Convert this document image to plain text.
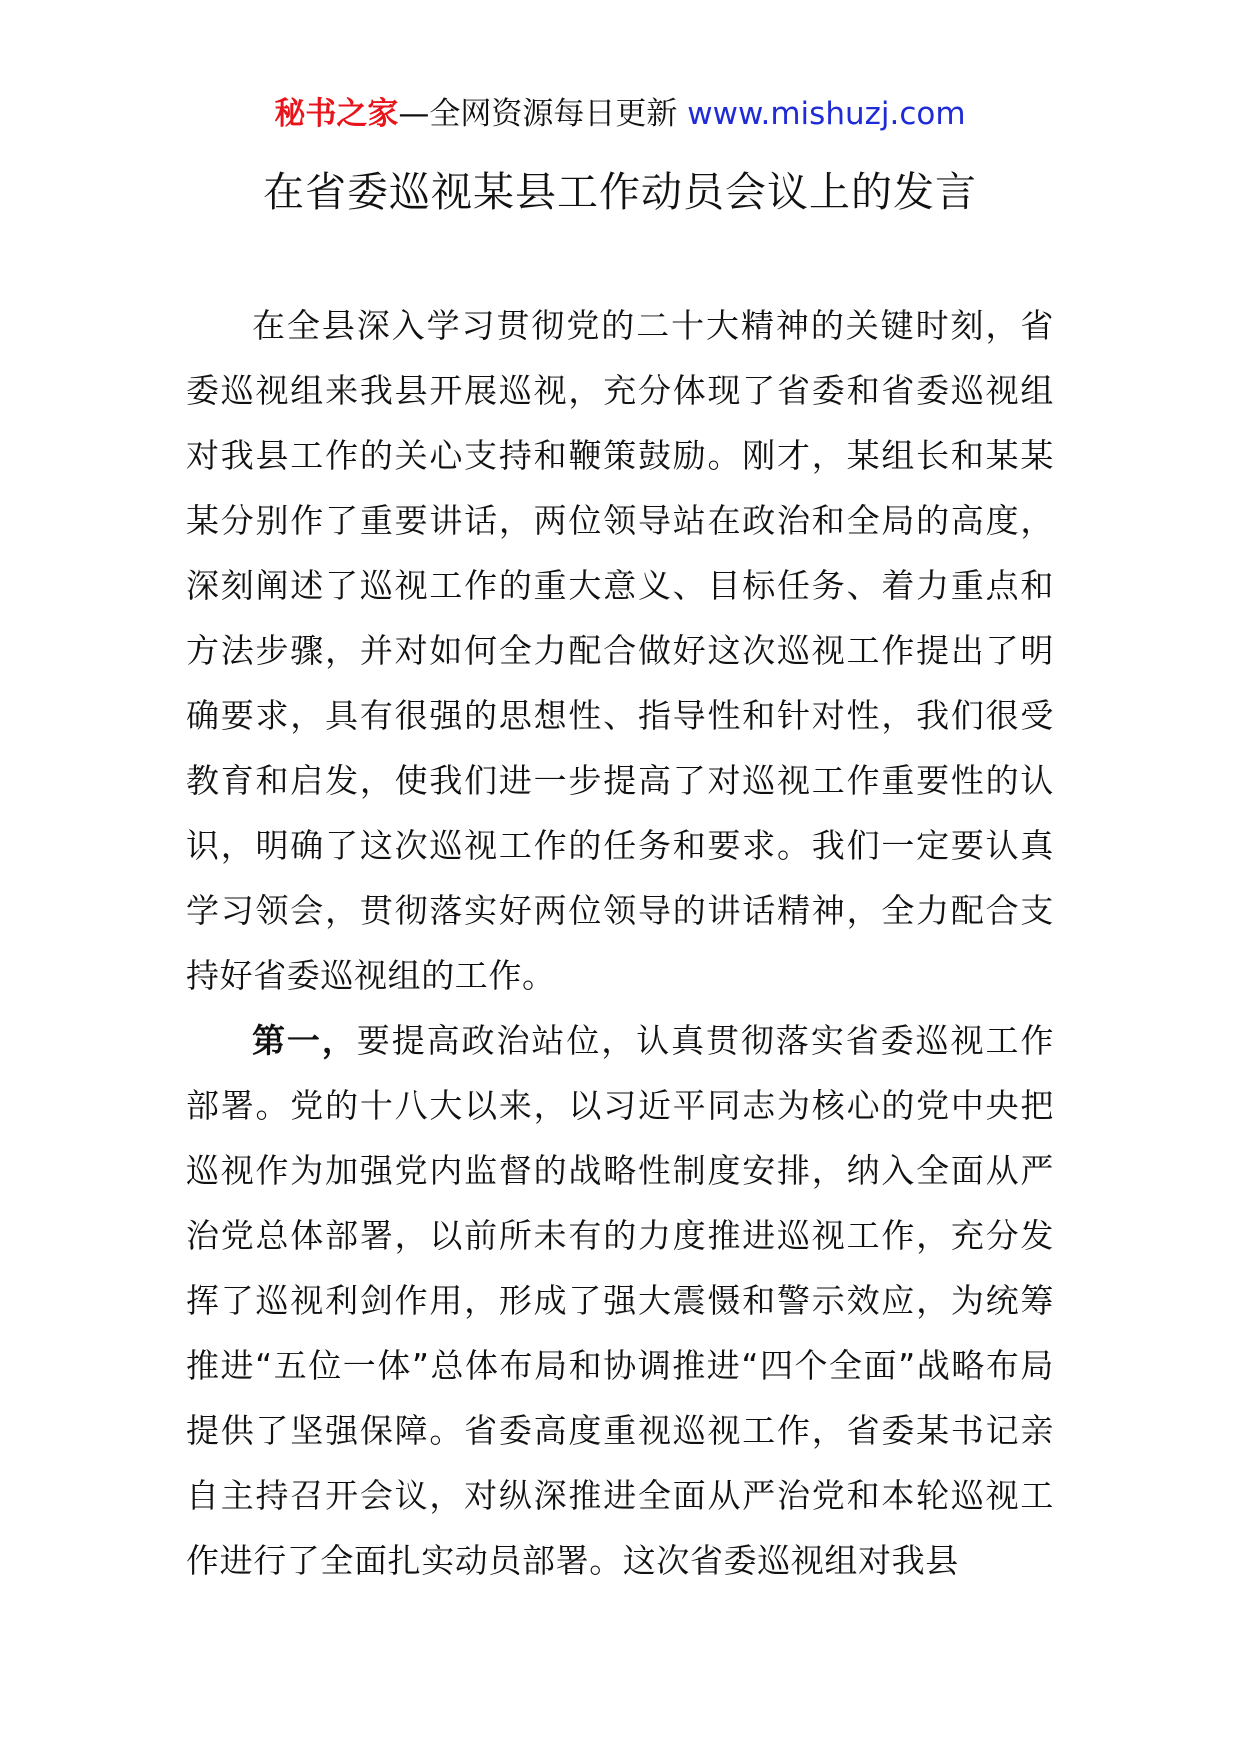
秘书之家—全网资源每日更新 www.mishuzj.com
在省委巡视某县工作动员会议上的发言

在全县深入学习贯彻党的二十大精神的关键时刻，省委巡视组来我县开展巡视，充分体现了省委和省委巡视组对我县工作的关心支持和鞭策鼓励。刚才，某组长和某某某分别作了重要讲话，两位领导站在政治和全局的高度，深刻阐述了巡视工作的重大意义、目标任务、着力重点和方法步骤，并对如何全力配合做好这次巡视工作提出了明确要求，具有很强的思想性、指导性和针对性，我们很受教育和启发，使我们进一步提高了对巡视工作重要性的认识，明确了这次巡视工作的任务和要求。我们一定要认真学习领会，贯彻落实好两位领导的讲话精神，全力配合支持好省委巡视组的工作。

第一，要提高政治站位，认真贯彻落实省委巡视工作部署。党的十八大以来，以习近平同志为核心的党中央把巡视作为加强党内监督的战略性制度安排，纳入全面从严治党总体部署，以前所未有的力度推进巡视工作，充分发挥了巡视利剑作用，形成了强大震慑和警示效应，为统筹推进“五位一体”总体布局和协调推进“四个全面”战略布局提供了坚强保障。省委高度重视巡视工作，省委某书记亲自主持召开会议，对纵深推进全面从严治党和本轮巡视工作进行了全面扎实动员部署。这次省委巡视组对我县
